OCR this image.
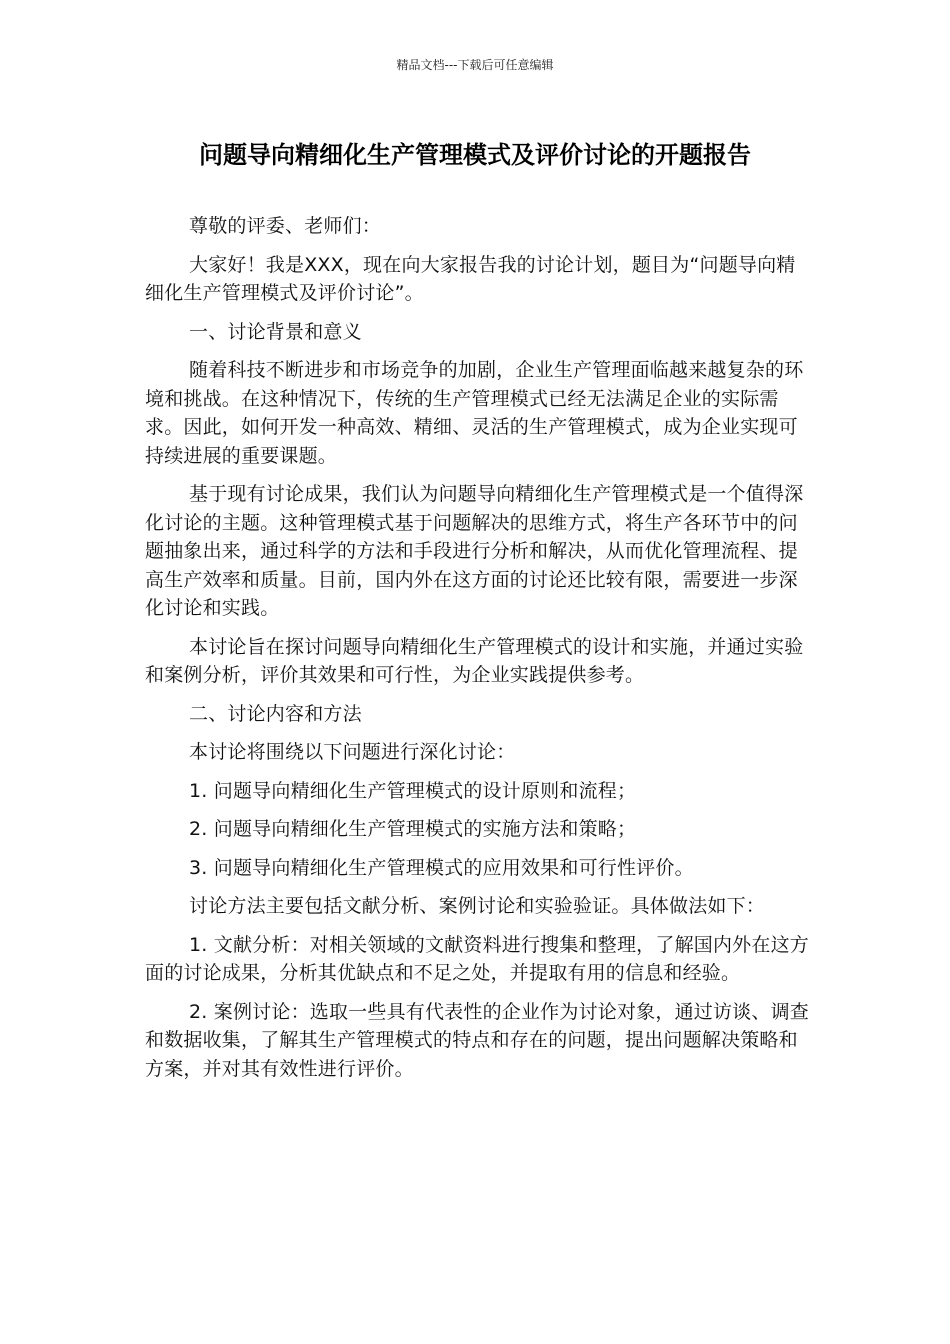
精品文档---下载后可任意编辑
问题导向精细化生产管理模式及评价讨论的开题报告

尊敬的评委、老师们：

大家好！我是XXX，现在向大家报告我的讨论计划，题目为“问题导向精细化生产管理模式及评价讨论”。

一、讨论背景和意义

随着科技不断进步和市场竞争的加剧，企业生产管理面临越来越复杂的环境和挑战。在这种情况下，传统的生产管理模式已经无法满足企业的实际需求。因此，如何开发一种高效、精细、灵活的生产管理模式，成为企业实现可持续进展的重要课题。

基于现有讨论成果，我们认为问题导向精细化生产管理模式是一个值得深化讨论的主题。这种管理模式基于问题解决的思维方式，将生产各环节中的问题抽象出来，通过科学的方法和手段进行分析和解决，从而优化管理流程、提高生产效率和质量。目前，国内外在这方面的讨论还比较有限，需要进一步深化讨论和实践。

本讨论旨在探讨问题导向精细化生产管理模式的设计和实施，并通过实验和案例分析，评价其效果和可行性，为企业实践提供参考。

二、讨论内容和方法

本讨论将围绕以下问题进行深化讨论：

1. 问题导向精细化生产管理模式的设计原则和流程；

2. 问题导向精细化生产管理模式的实施方法和策略；

3. 问题导向精细化生产管理模式的应用效果和可行性评价。

讨论方法主要包括文献分析、案例讨论和实验验证。具体做法如下：

1. 文献分析：对相关领域的文献资料进行搜集和整理，了解国内外在这方面的讨论成果，分析其优缺点和不足之处，并提取有用的信息和经验。

2. 案例讨论：选取一些具有代表性的企业作为讨论对象，通过访谈、调查和数据收集，了解其生产管理模式的特点和存在的问题，提出问题解决策略和方案，并对其有效性进行评价。
